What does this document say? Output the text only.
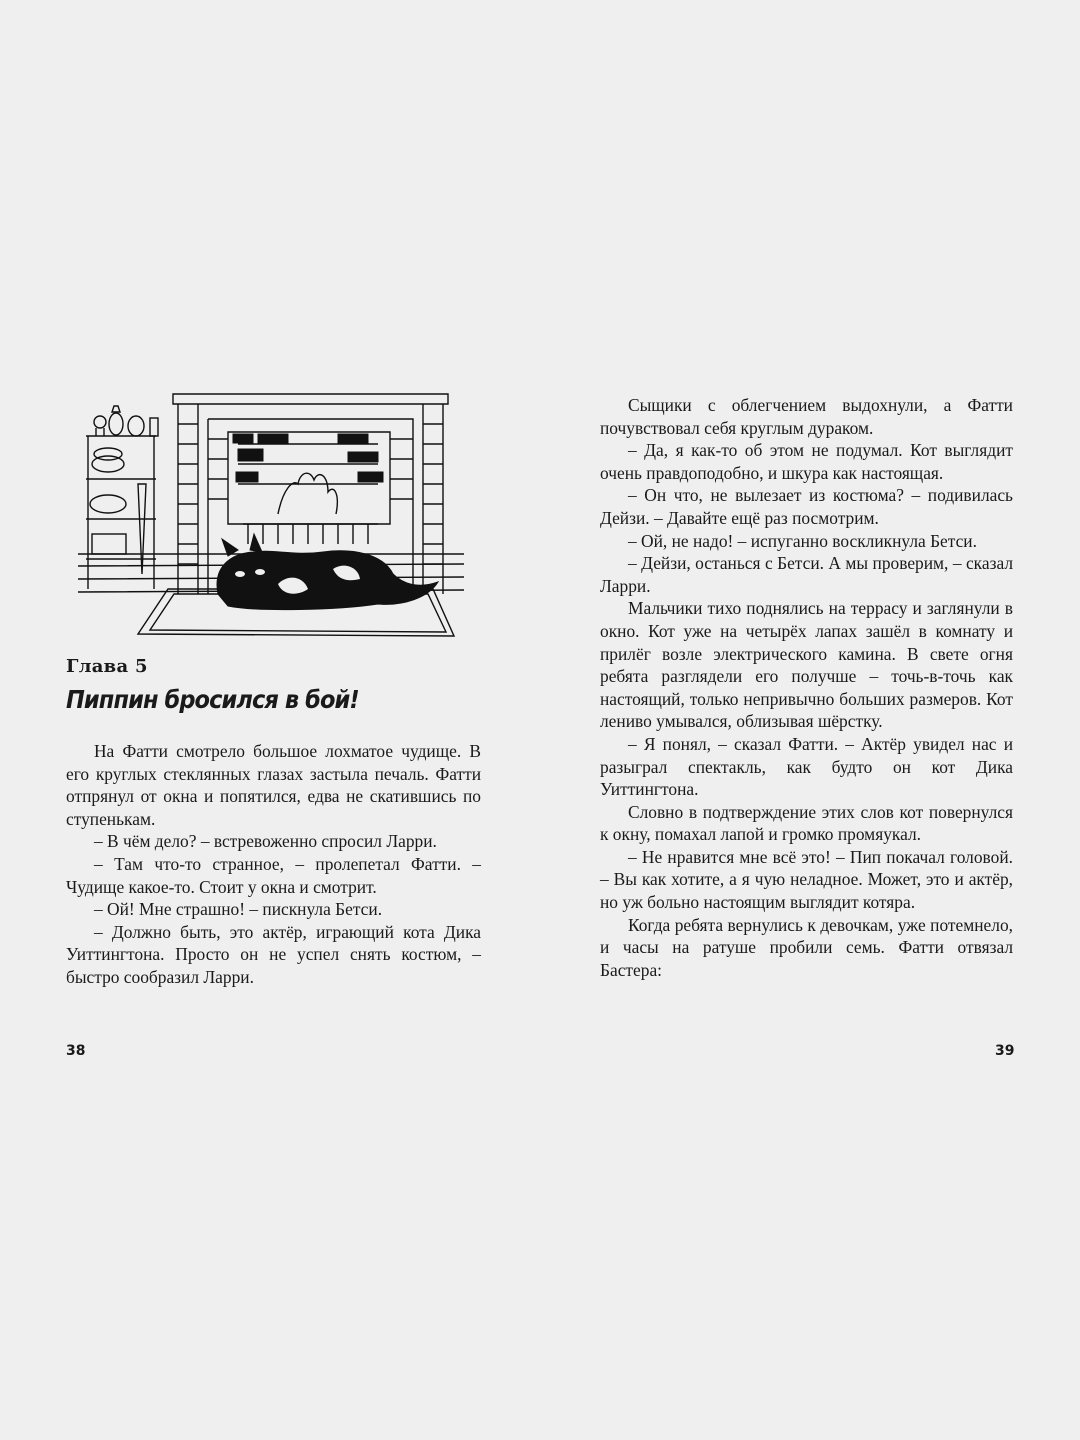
Глава 5
Пиппин бросился в бой!

На Фатти смотрело большое лохматое чудище. В его круглых стеклянных глазах застыла печаль. Фатти отпрянул от окна и попятился, едва не скатившись по ступенькам.

– В чём дело? – встревоженно спросил Ларри.

– Там что-то странное, – пролепетал Фатти. – Чудище какое-то. Стоит у окна и смотрит.

– Ой! Мне страшно! – пискнула Бетси.

– Должно быть, это актёр, играющий кота Дика Уиттингтона. Просто он не успел снять костюм, – быстро сообразил Ларри.

38

Сыщики с облегчением выдохнули, а Фатти почувствовал себя круглым дураком.

– Да, я как-то об этом не подумал. Кот выглядит очень правдоподобно, и шкура как настоящая.

– Он что, не вылезает из костюма? – подивилась Дейзи. – Давайте ещё раз посмотрим.

– Ой, не надо! – испуганно воскликнула Бетси.

– Дейзи, останься с Бетси. А мы проверим, – сказал Ларри.

Мальчики тихо поднялись на террасу и заглянули в окно. Кот уже на четырёх лапах зашёл в комнату и прилёг возле электрического камина. В свете огня ребята разглядели его получше – точь-в-точь как настоящий, только непривычно больших размеров. Кот лениво умывался, облизывая шёрстку.

– Я понял, – сказал Фатти. – Актёр увидел нас и разыграл спектакль, как будто он кот Дика Уиттингтона.

Словно в подтверждение этих слов кот повернулся к окну, помахал лапой и громко промяукал.

– Не нравится мне всё это! – Пип покачал головой. – Вы как хотите, а я чую неладное. Может, это и актёр, но уж больно настоящим выглядит котяра.

Когда ребята вернулись к девочкам, уже потемнело, и часы на ратуше пробили семь. Фатти отвязал Бастера:

39
